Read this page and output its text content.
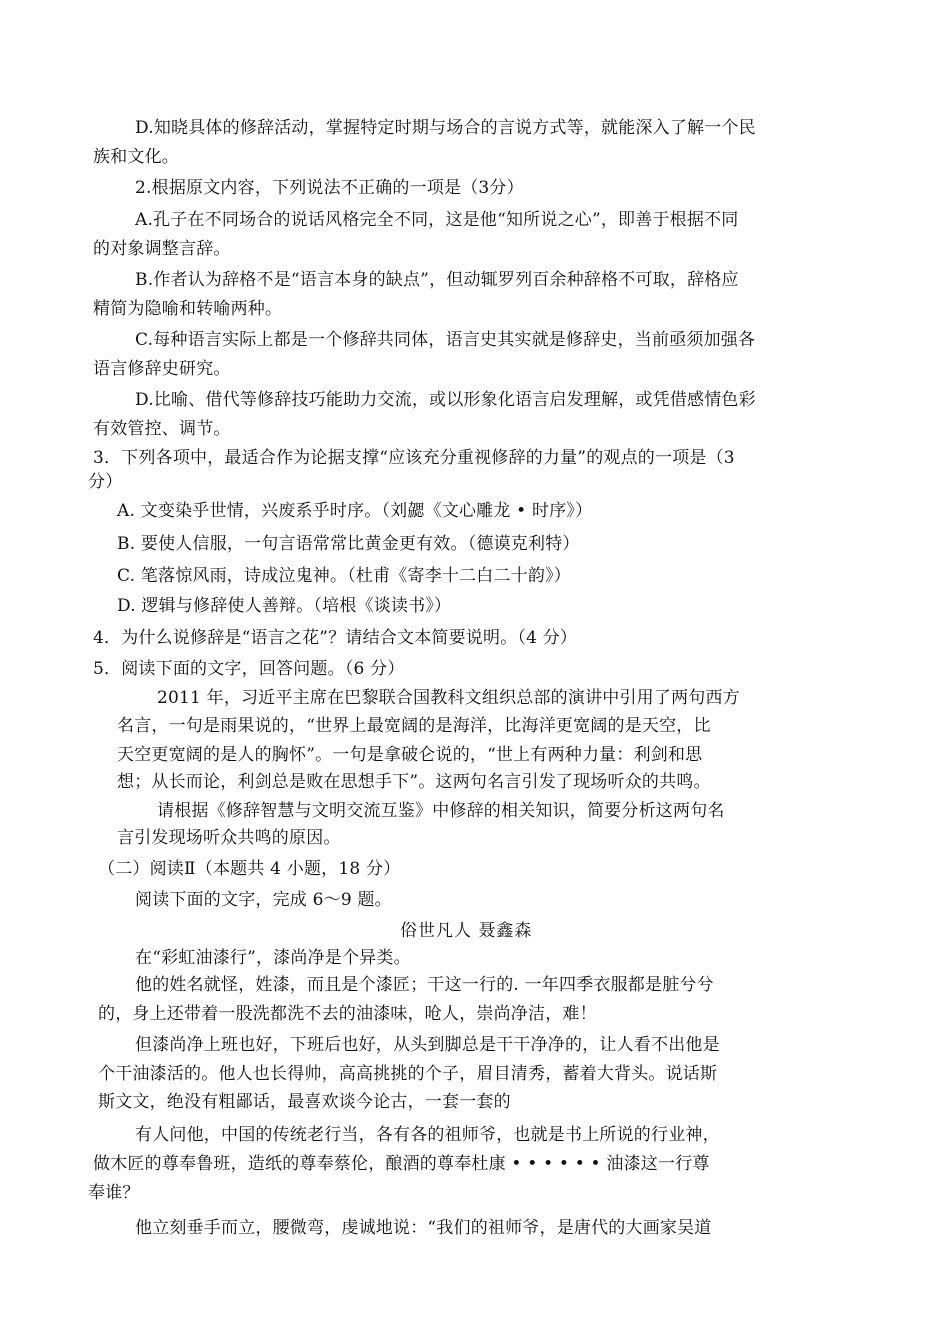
D.知晓具体的修辞活动，掌握特定时期与场合的言说方式等，就能深入了解一个民
族和文化。
2.根据原文内容，下列说法不正确的一项是（3分）
A.孔子在不同场合的说话风格完全不同，这是他“知所说之心”，即善于根据不同
的对象调整言辞。
B.作者认为辞格不是“语言本身的缺点”，但动辄罗列百余种辞格不可取，辞格应
精简为隐喻和转喻两种。
C.每种语言实际上都是一个修辞共同体，语言史其实就是修辞史，当前亟须加强各
语言修辞史研究。
D.比喻、借代等修辞技巧能助力交流，或以形象化语言启发理解，或凭借感情色彩
有效管控、调节。
3．下列各项中，最适合作为论据支撑“应该充分重视修辞的力量”的观点的一项是（3
分）
A. 文变染乎世情，兴废系乎时序。（刘勰《文心雕龙 • 时序》）
B. 要使人信服，一句言语常常比黄金更有效。（德谟克利特）
C. 笔落惊风雨，诗成泣鬼神。（杜甫《寄李十二白二十韵》）
D. 逻辑与修辞使人善辩。（培根《谈读书》）
4．为什么说修辞是“语言之花”？请结合文本简要说明。（4 分）
5．阅读下面的文字，回答问题。（6 分）
2011 年，习近平主席在巴黎联合国教科文组织总部的演讲中引用了两句西方
名言，一句是雨果说的，“世界上最宽阔的是海洋，比海洋更宽阔的是天空，比
天空更宽阔的是人的胸怀”。一句是拿破仑说的，“世上有两种力量：利剑和思
想；从长而论，利剑总是败在思想手下”。这两句名言引发了现场听众的共鸣。
请根据《修辞智慧与文明交流互鉴》中修辞的相关知识，简要分析这两句名
言引发现场听众共鸣的原因。
（二）阅读Ⅱ（本题共 4 小题，18 分）
阅读下面的文字，完成 6～9 题。
俗世凡人 聂鑫森
在“彩虹油漆行”，漆尚净是个异类。
他的姓名就怪，姓漆，而且是个漆匠；干这一行的. 一年四季衣服都是脏兮兮
的，身上还带着一股洗都洗不去的油漆味，呛人，崇尚净洁，难！
但漆尚净上班也好，下班后也好，从头到脚总是干干净净的，让人看不出他是
个干油漆活的。他人也长得帅，高高挑挑的个子，眉目清秀，蓄着大背头。说话斯
斯文文，绝没有粗鄙话，最喜欢谈今论古，一套一套的
有人问他，中国的传统老行当，各有各的祖师爷，也就是书上所说的行业神，
做木匠的尊奉鲁班，造纸的尊奉蔡伦，酿酒的尊奉杜康 • • • • • • 油漆这一行尊
奉谁？
他立刻垂手而立，腰微弯，虔诚地说：“我们的祖师爷，是唐代的大画家吴道
